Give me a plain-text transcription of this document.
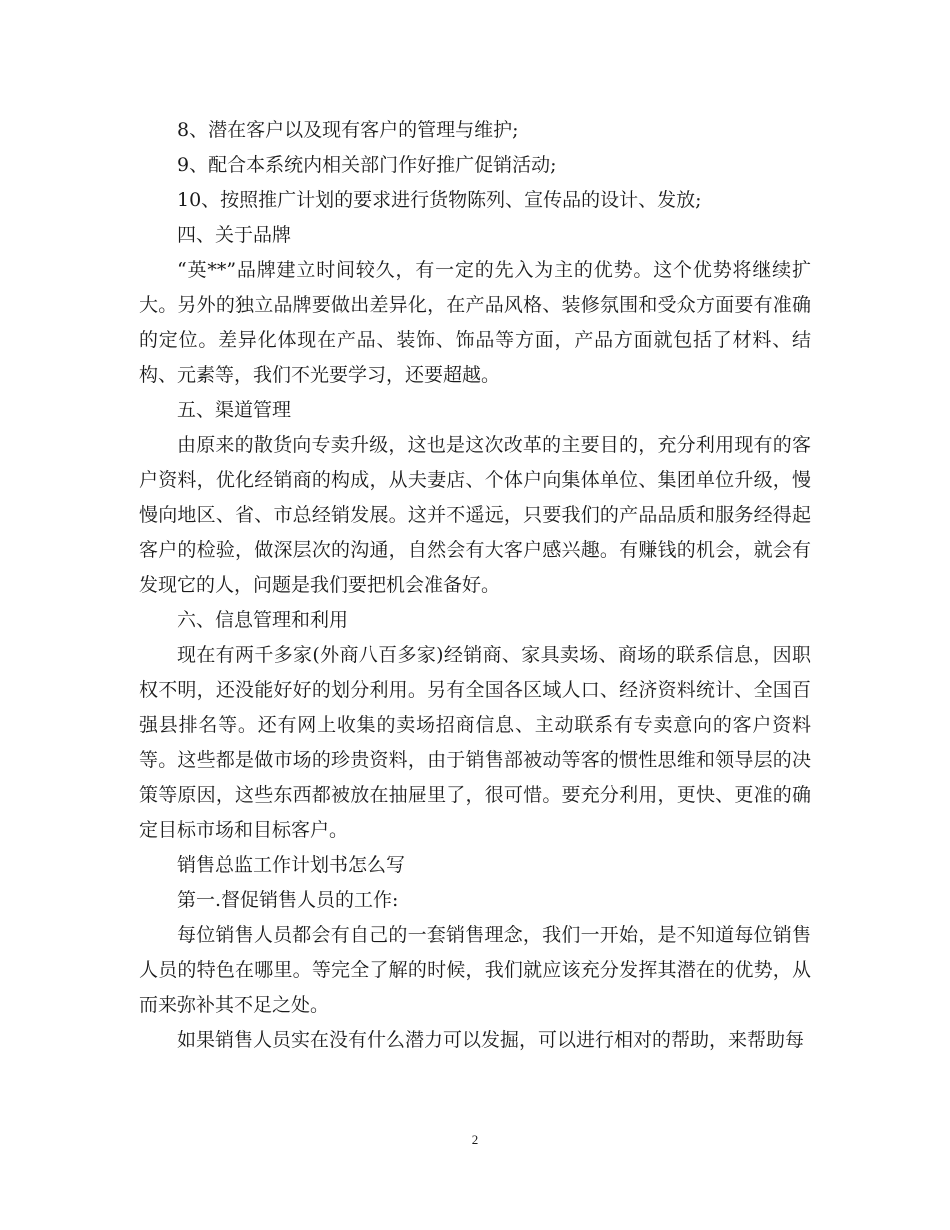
8、潜在客户以及现有客户的管理与维护;

9、配合本系统内相关部门作好推广促销活动;

10、按照推广计划的要求进行货物陈列、宣传品的设计、发放;

四、关于品牌

“英**”品牌建立时间较久，有一定的先入为主的优势。这个优势将继续扩大。另外的独立品牌要做出差异化，在产品风格、装修氛围和受众方面要有准确的定位。差异化体现在产品、装饰、饰品等方面，产品方面就包括了材料、结构、元素等，我们不光要学习，还要超越。

五、渠道管理

由原来的散货向专卖升级，这也是这次改革的主要目的，充分利用现有的客户资料，优化经销商的构成，从夫妻店、个体户向集体单位、集团单位升级，慢慢向地区、省、市总经销发展。这并不遥远，只要我们的产品品质和服务经得起客户的检验，做深层次的沟通，自然会有大客户感兴趣。有赚钱的机会，就会有发现它的人，问题是我们要把机会准备好。

六、信息管理和利用

现在有两千多家(外商八百多家)经销商、家具卖场、商场的联系信息，因职权不明，还没能好好的划分利用。另有全国各区域人口、经济资料统计、全国百强县排名等。还有网上收集的卖场招商信息、主动联系有专卖意向的客户资料等。这些都是做市场的珍贵资料，由于销售部被动等客的惯性思维和领导层的决策等原因，这些东西都被放在抽屉里了，很可惜。要充分利用，更快、更准的确定目标市场和目标客户。

销售总监工作计划书怎么写

第一.督促销售人员的工作:

每位销售人员都会有自己的一套销售理念，我们一开始，是不知道每位销售人员的特色在哪里。等完全了解的时候，我们就应该充分发挥其潜在的优势，从而来弥补其不足之处。

如果销售人员实在没有什么潜力可以发掘，可以进行相对的帮助，来帮助每

2
